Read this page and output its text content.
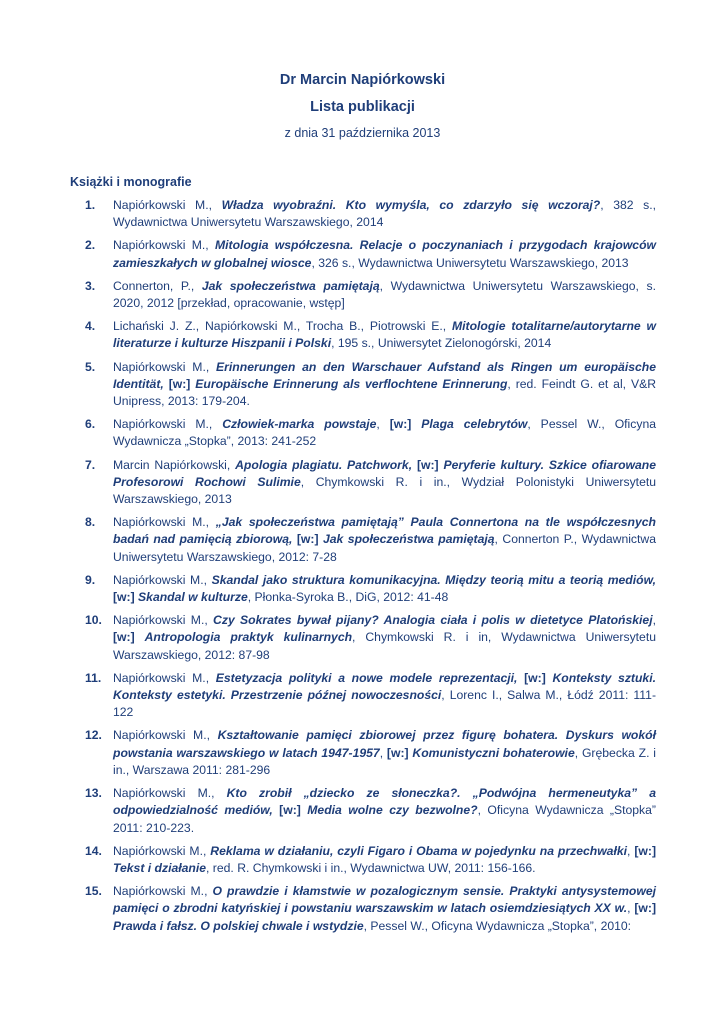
Dr Marcin Napiórkowski
Lista publikacji
z dnia 31 października 2013
Książki i monografie
1.	Napiórkowski M., Władza wyobraźni. Kto wymyśla, co zdarzyło się wczoraj?, 382 s., Wydawnictwa Uniwersytetu Warszawskiego, 2014
2.	Napiórkowski M., Mitologia współczesna. Relacje o poczynaniach i przygodach krajowców zamieszkałych w globalnej wiosce, 326 s., Wydawnictwa Uniwersytetu Warszawskiego, 2013
3.	Connerton, P., Jak społeczeństwa pamiętają, Wydawnictwa Uniwersytetu Warszawskiego, s. 2020, 2012 [przekład, opracowanie, wstęp]
4.	Lichański J. Z., Napiórkowski M., Trocha B., Piotrowski E., Mitologie totalitarne/autorytarne w literaturze i kulturze Hiszpanii i Polski, 195 s., Uniwersytet Zielonogórski, 2014
5.	Napiórkowski M., Erinnerungen an den Warschauer Aufstand als Ringen um europäische Identität, [w:] Europäische Erinnerung als verflochtene Erinnerung, red. Feindt G. et al, V&R Unipress, 2013: 179-204.
6.	Napiórkowski M., Człowiek-marka powstaje, [w:] Plaga celebrytów, Pessel W., Oficyna Wydawnicza „Stopka”, 2013: 241-252
7.	Marcin Napiórkowski, Apologia plagiatu. Patchwork, [w:] Peryferie kultury. Szkice ofiarowane Profesorowi Rochowi Sulimie, Chymkowski R. i in., Wydział Polonistyki Uniwersytetu Warszawskiego, 2013
8.	Napiórkowski M., „Jak społeczeństwa pamiętają” Paula Connertona na tle współczesnych badań nad pamięcią zbiorową, [w:] Jak społeczeństwa pamiętają, Connerton P., Wydawnictwa Uniwersytetu Warszawskiego, 2012: 7-28
9.	Napiórkowski M., Skandal jako struktura komunikacyjna. Między teorią mitu a teorią mediów, [w:] Skandal w kulturze, Płonka-Syroka B., DiG, 2012: 41-48
10. Napiórkowski M., Czy Sokrates bywał pijany? Analogia ciała i polis w dietetyce Platońskiej, [w:] Antropologia praktyk kulinarnych, Chymkowski R. i in, Wydawnictwa Uniwersytetu Warszawskiego, 2012: 87-98
11. Napiórkowski M., Estetyzacja polityki a nowe modele reprezentacji, [w:] Konteksty sztuki. Konteksty estetyki. Przestrzenie późnej nowoczesności, Lorenc I., Salwa M., Łódź 2011: 111-122
12. Napiórkowski M., Kształtowanie pamięci zbiorowej przez figurę bohatera. Dyskurs wokół powstania warszawskiego w latach 1947-1957, [w:] Komunistyczni bohaterowie, Grębecka Z. i in., Warszawa 2011: 281-296
13. Napiórkowski M., Kto zrobił „dziecko ze słoneczka?. „Podwójna hermeneutyka” a odpowiedzialność mediów, [w:] Media wolne czy bezwolne?, Oficyna Wydawnicza „Stopka” 2011: 210-223.
14. Napiórkowski M., Reklama w działaniu, czyli Figaro i Obama w pojedynku na przechwałki, [w:] Tekst i działanie, red. R. Chymkowski i in., Wydawnictwa UW, 2011: 156-166.
15. Napiórkowski M., O prawdzie i kłamstwie w pozalogicznym sensie. Praktyki antysystemowej pamięci o zbrodni katyńskiej i powstaniu warszawskim w latach osiemdziesiątych XX w., [w:] Prawda i fałsz. O polskiej chwale i wstydzie, Pessel W., Oficyna Wydawnicza „Stopka”, 2010:
